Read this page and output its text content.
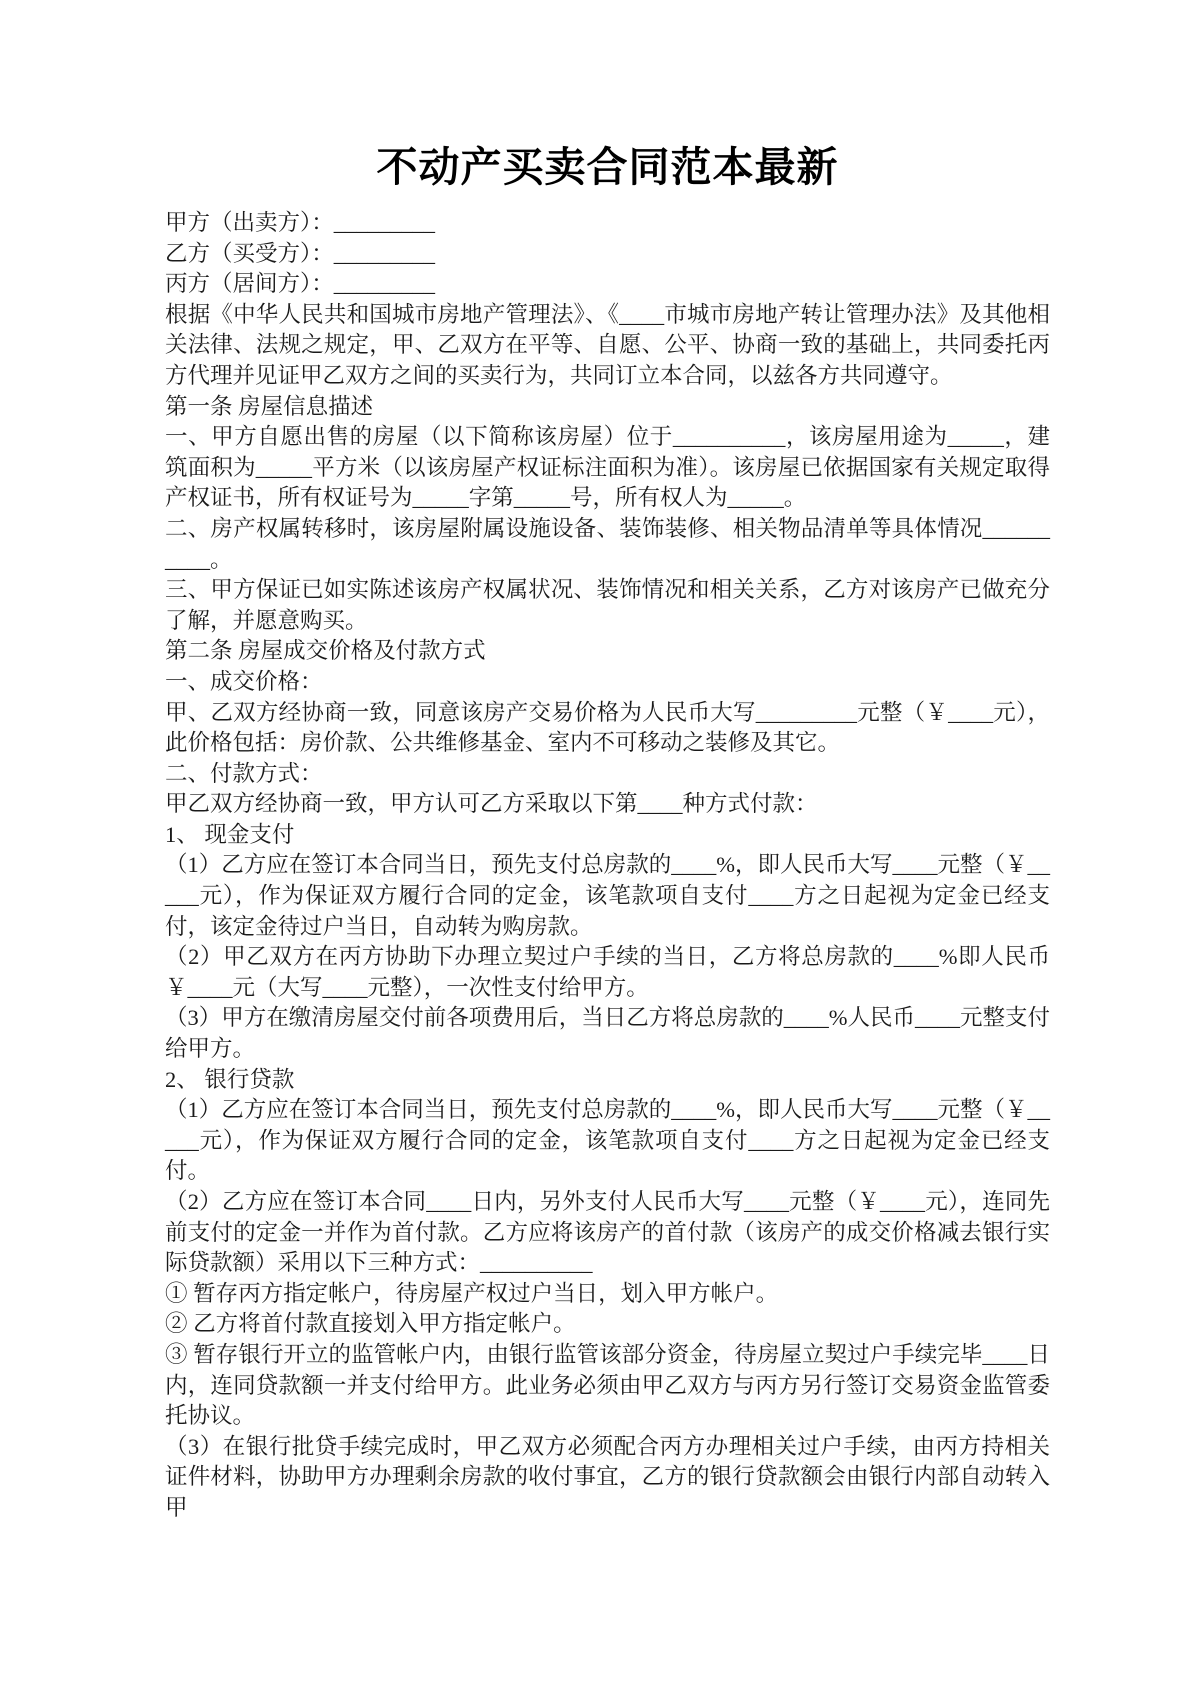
不动产买卖合同范本最新

甲方（出卖方）：_________

乙方（买受方）：_________

丙方（居间方）：_________

根据《中华人民共和国城市房地产管理法》、《____市城市房地产转让管理办法》及其他相关法律、法规之规定，甲、乙双方在平等、自愿、公平、协商一致的基础上，共同委托丙方代理并见证甲乙双方之间的买卖行为，共同订立本合同，以兹各方共同遵守。

第一条 房屋信息描述

一、甲方自愿出售的房屋（以下简称该房屋）位于__________，该房屋用途为_____，建筑面积为_____平方米（以该房屋产权证标注面积为准）。该房屋已依据国家有关规定取得产权证书，所有权证号为_____字第_____号，所有权人为_____。

二、房产权属转移时，该房屋附属设施设备、装饰装修、相关物品清单等具体情况__________。

三、甲方保证已如实陈述该房产权属状况、装饰情况和相关关系，乙方对该房产已做充分了解，并愿意购买。

第二条 房屋成交价格及付款方式

一、成交价格：

甲、乙双方经协商一致，同意该房产交易价格为人民币大写_________元整（￥____元），此价格包括：房价款、公共维修基金、室内不可移动之装修及其它。

二、付款方式：

甲乙双方经协商一致，甲方认可乙方采取以下第____种方式付款：

1、 现金支付

（1）乙方应在签订本合同当日，预先支付总房款的____%，即人民币大写____元整（￥_____元），作为保证双方履行合同的定金，该笔款项自支付____方之日起视为定金已经支付，该定金待过户当日，自动转为购房款。

（2）甲乙双方在丙方协助下办理立契过户手续的当日，乙方将总房款的____%即人民币￥____元（大写____元整），一次性支付给甲方。

（3）甲方在缴清房屋交付前各项费用后，当日乙方将总房款的____%人民币____元整支付给甲方。

2、 银行贷款

（1）乙方应在签订本合同当日，预先支付总房款的____%，即人民币大写____元整（￥_____元），作为保证双方履行合同的定金，该笔款项自支付____方之日起视为定金已经支付。

（2）乙方应在签订本合同____日内，另外支付人民币大写____元整（￥____元），连同先前支付的定金一并作为首付款。乙方应将该房产的首付款（该房产的成交价格减去银行实际贷款额）采用以下三种方式：__________

① 暂存丙方指定帐户，待房屋产权过户当日，划入甲方帐户。

② 乙方将首付款直接划入甲方指定帐户。

③ 暂存银行开立的监管帐户内，由银行监管该部分资金，待房屋立契过户手续完毕____日内，连同贷款额一并支付给甲方。此业务必须由甲乙双方与丙方另行签订交易资金监管委托协议。

（3）在银行批贷手续完成时，甲乙双方必须配合丙方办理相关过户手续，由丙方持相关证件材料，协助甲方办理剩余房款的收付事宜，乙方的银行贷款额会由银行内部自动转入甲
